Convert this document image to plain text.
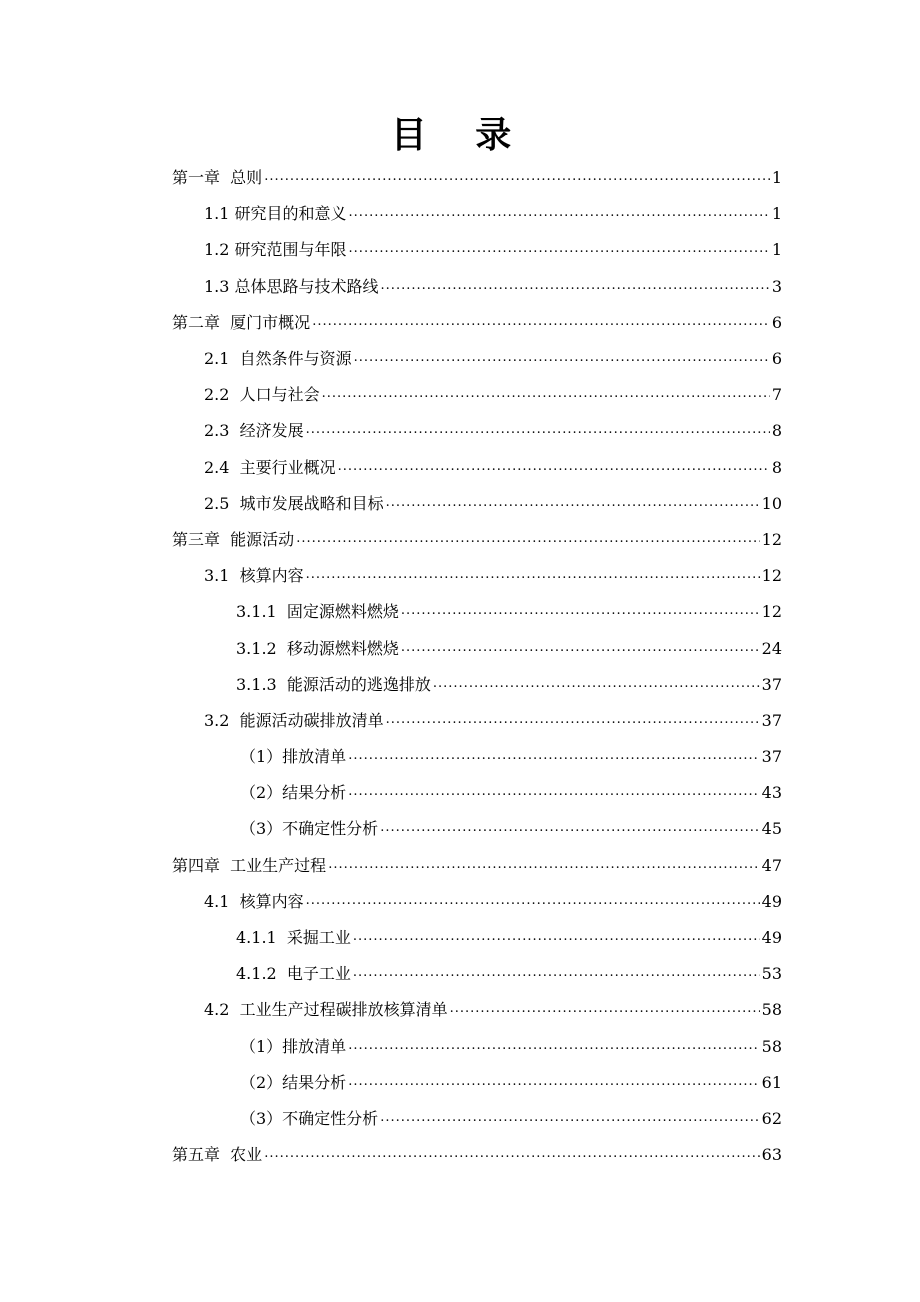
目 录
第一章  总则 .....	1
1.1 研究目的和意义 .....	1
1.2 研究范围与年限 .....	1
1.3 总体思路与技术路线 .....	3
第二章  厦门市概况 .....	6
2.1  自然条件与资源 .....	6
2.2  人口与社会 .....	7
2.3  经济发展 .....	8
2.4  主要行业概况 .....	8
2.5  城市发展战略和目标 .....	10
第三章  能源活动 .....	12
3.1  核算内容 .....	12
3.1.1  固定源燃料燃烧 .....	12
3.1.2  移动源燃料燃烧 .....	24
3.1.3  能源活动的逃逸排放 .....	37
3.2  能源活动碳排放清单 .....	37
（1）排放清单 .....	37
（2）结果分析 .....	43
（3）不确定性分析 .....	45
第四章  工业生产过程 .....	47
4.1  核算内容 .....	49
4.1.1  采掘工业 .....	49
4.1.2  电子工业 .....	53
4.2  工业生产过程碳排放核算清单 .....	58
（1）排放清单 .....	58
（2）结果分析 .....	61
（3）不确定性分析 .....	62
第五章  农业 .....	63
